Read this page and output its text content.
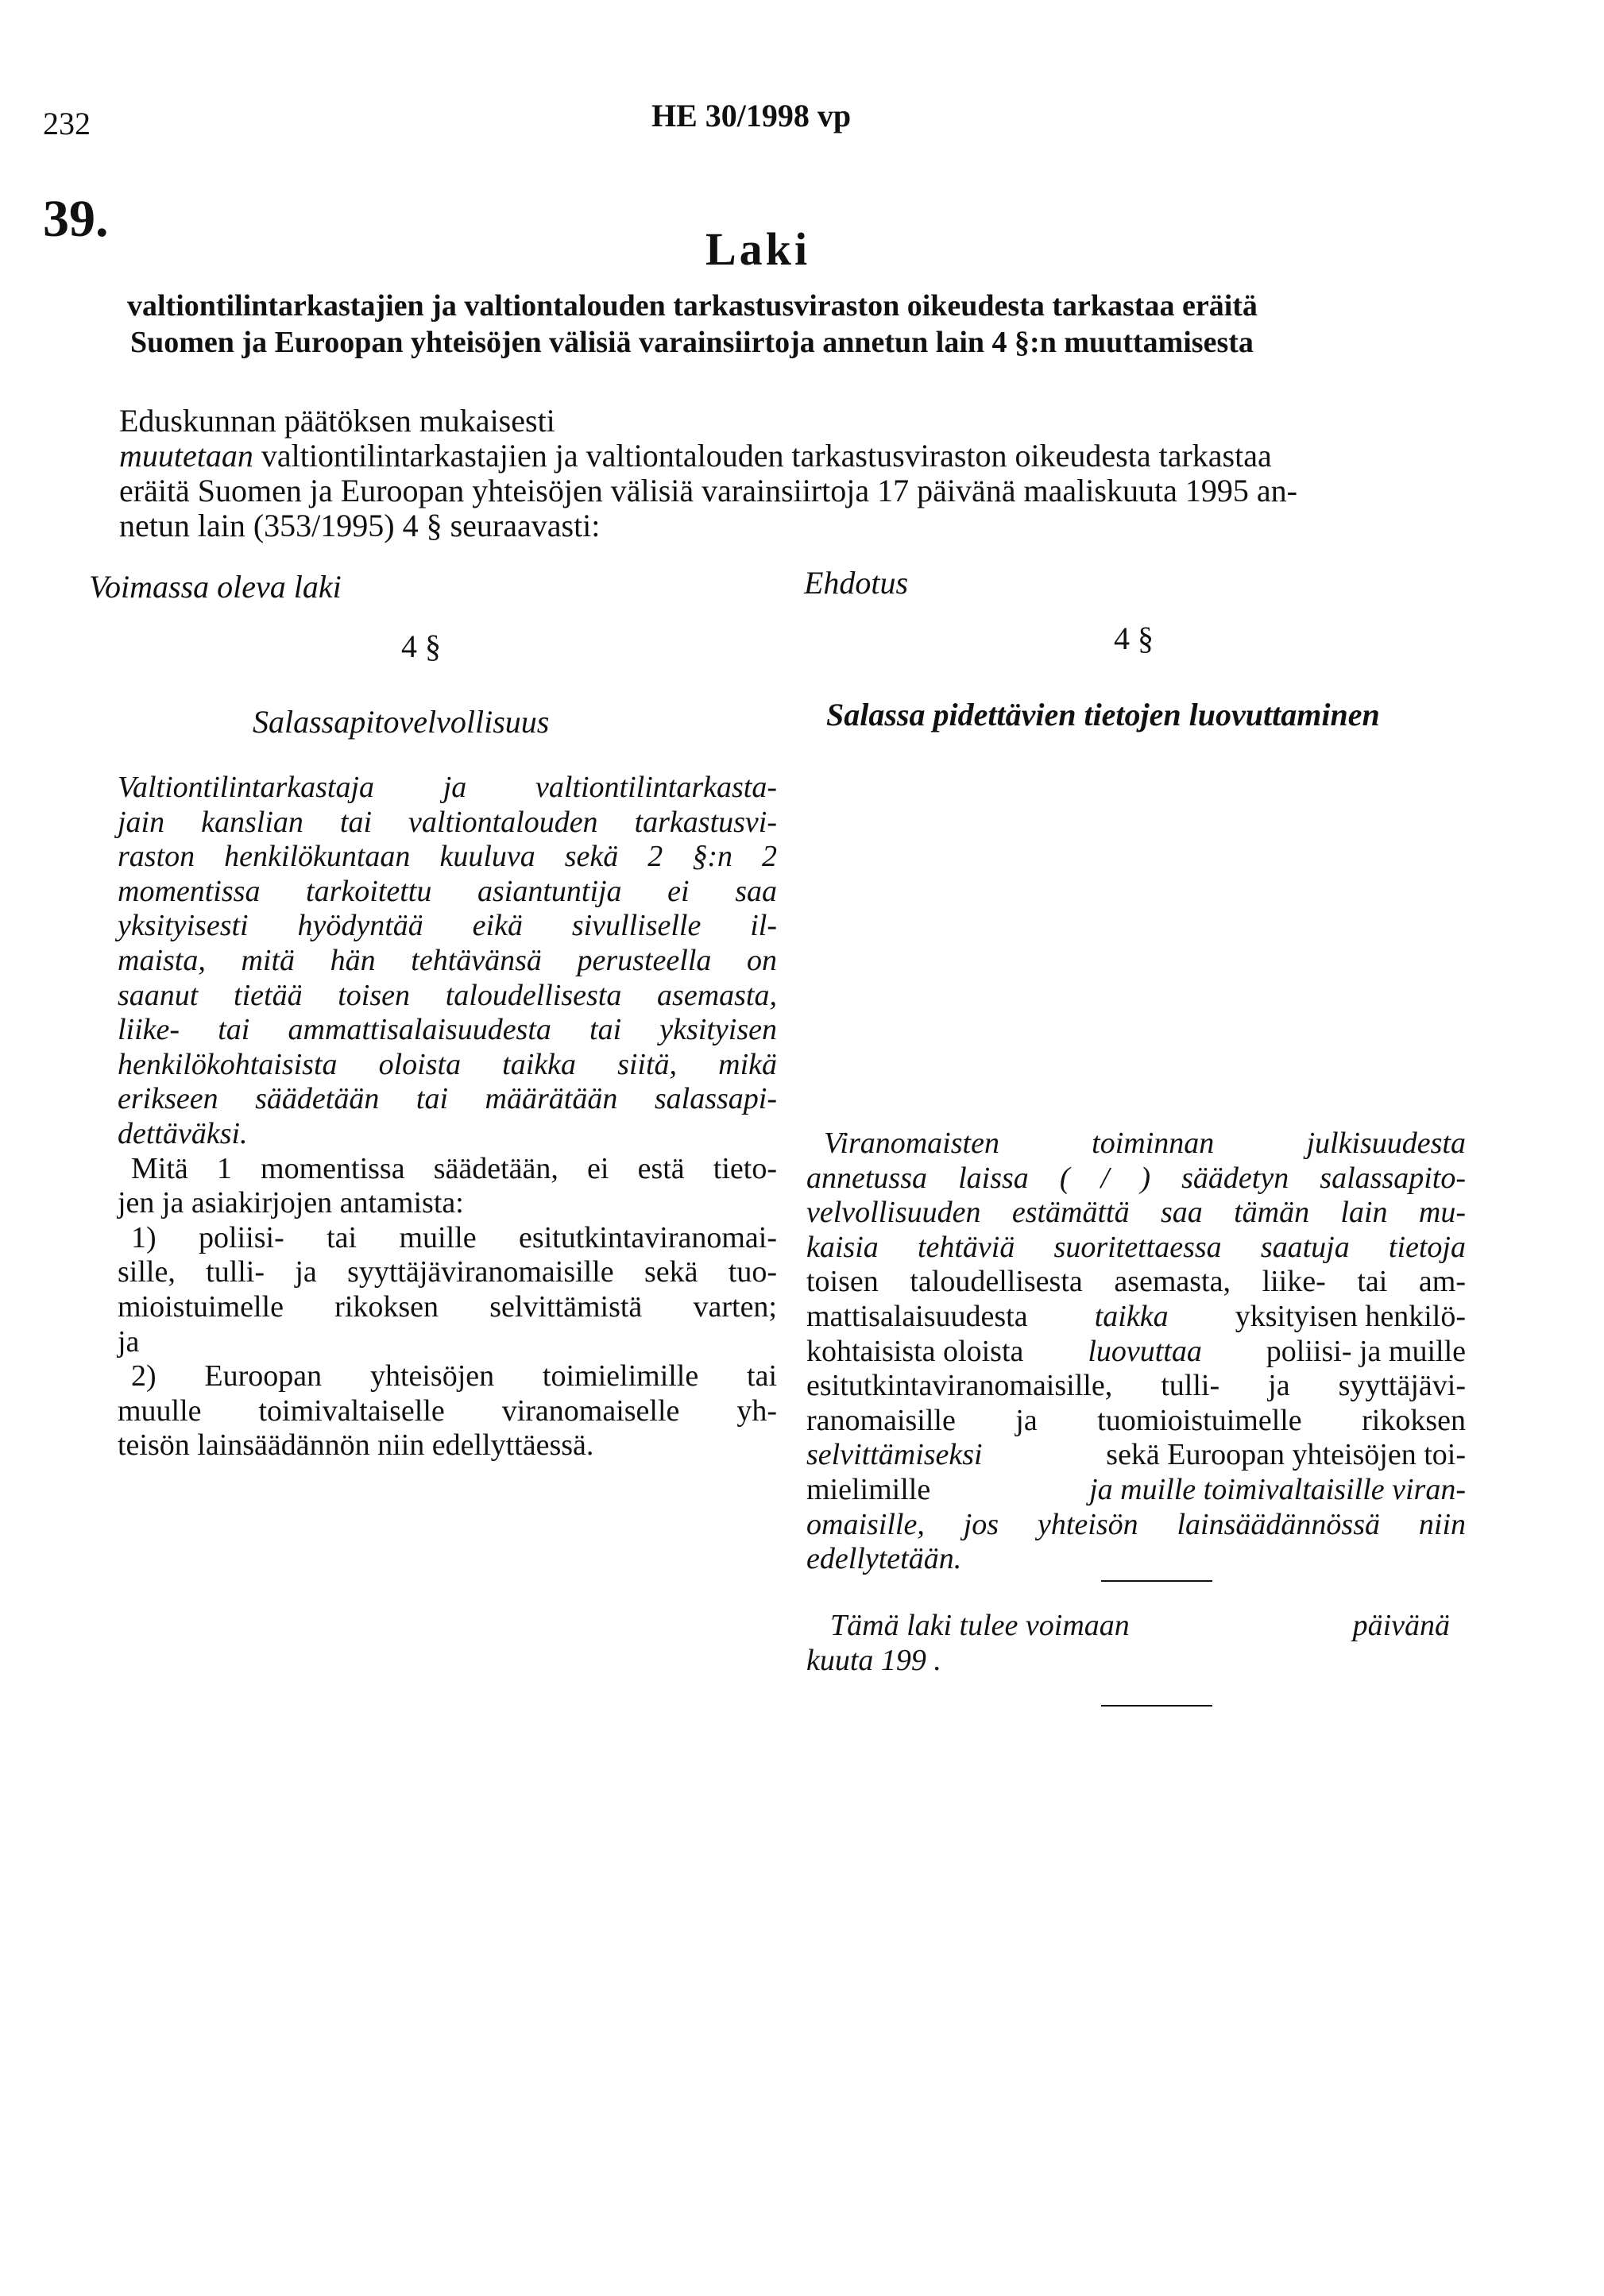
232	HE 30/1998 vp
39.
Laki
valtiontilintarkastajien ja valtiontalouden tarkastusviraston oikeudesta tarkastaa eräitä
Suomen ja Euroopan yhteisöjen välisiä varainsiirtoja annetun lain 4 §:n muuttamisesta
Eduskunnan päätöksen mukaisesti
muutetaan valtiontilintarkastajien ja valtiontalouden tarkastusviraston oikeudesta tarkastaa
eräitä Suomen ja Euroopan yhteisöjen välisiä varainsiirtoja 17 päivänä maaliskuuta 1995 an-
netun lain (353/1995) 4 § seuraavasti:
Voimassa oleva laki
4 §
Salassapitovelvollisuus
Ehdotus
4 §
Salassa pidettävien tietojen luovuttaminen
Valtiontilintarkastaja ja valtiontilintarkasta-
jain kanslian tai valtiontalouden tarkastusvi-
raston henkilökuntaan kuuluva sekä 2 §:n 2
momentissa tarkoitettu asiantuntija ei saa
yksityisesti hyödyntää eikä sivulliselle il-
maista, mitä hän tehtävänsä perusteella on
saanut tietää toisen taloudellisesta asemasta,
liike- tai ammattisalaisuudesta tai yksityisen
henkilökohtaisista oloista taikka siitä, mikä
erikseen säädetään tai määrätään salassapi-
dettäväksi.
Mitä 1 momentissa säädetään, ei estä tieto-
jen ja asiakirjojen antamista:
1) poliisi- tai muille esitutkintaviranomai-
sille, tulli- ja syyttäjäviranomaisille sekä tuo-
mioistuimelle rikoksen selvittämistä varten;
ja
2) Euroopan yhteisöjen toimielimille tai
muulle toimivaltaiselle viranomaiselle yh-
teisön lainsäädännön niin edellyttäessä.
Viranomaisten toiminnan julkisuudesta
annetussa laissa ( / ) säädetyn salassapito-
velvollisuuden estämättä saa tämän lain mu-
kaisia tehtäviä suoritettaessa saatuja tietoja
toisen taloudellisesta asemasta, liike- tai am-
mattisalaisuudesta taikka yksityisen henkilö-
kohtaisista oloista luovuttaa poliisi- ja muille
esitutkintaviranomaisille, tulli- ja syyttäjävi-
ranomaisille ja tuomioistuimelle rikoksen
selvittämiseksi	sekä Euroopan yhteisöjen toi-
mielimille	ja muille toimivaltaisille viran-
omaisille, jos yhteisön lainsäädännössä niin
edellytetään.
Tämä laki tulee voimaan	päivänä
kuuta 199 .
